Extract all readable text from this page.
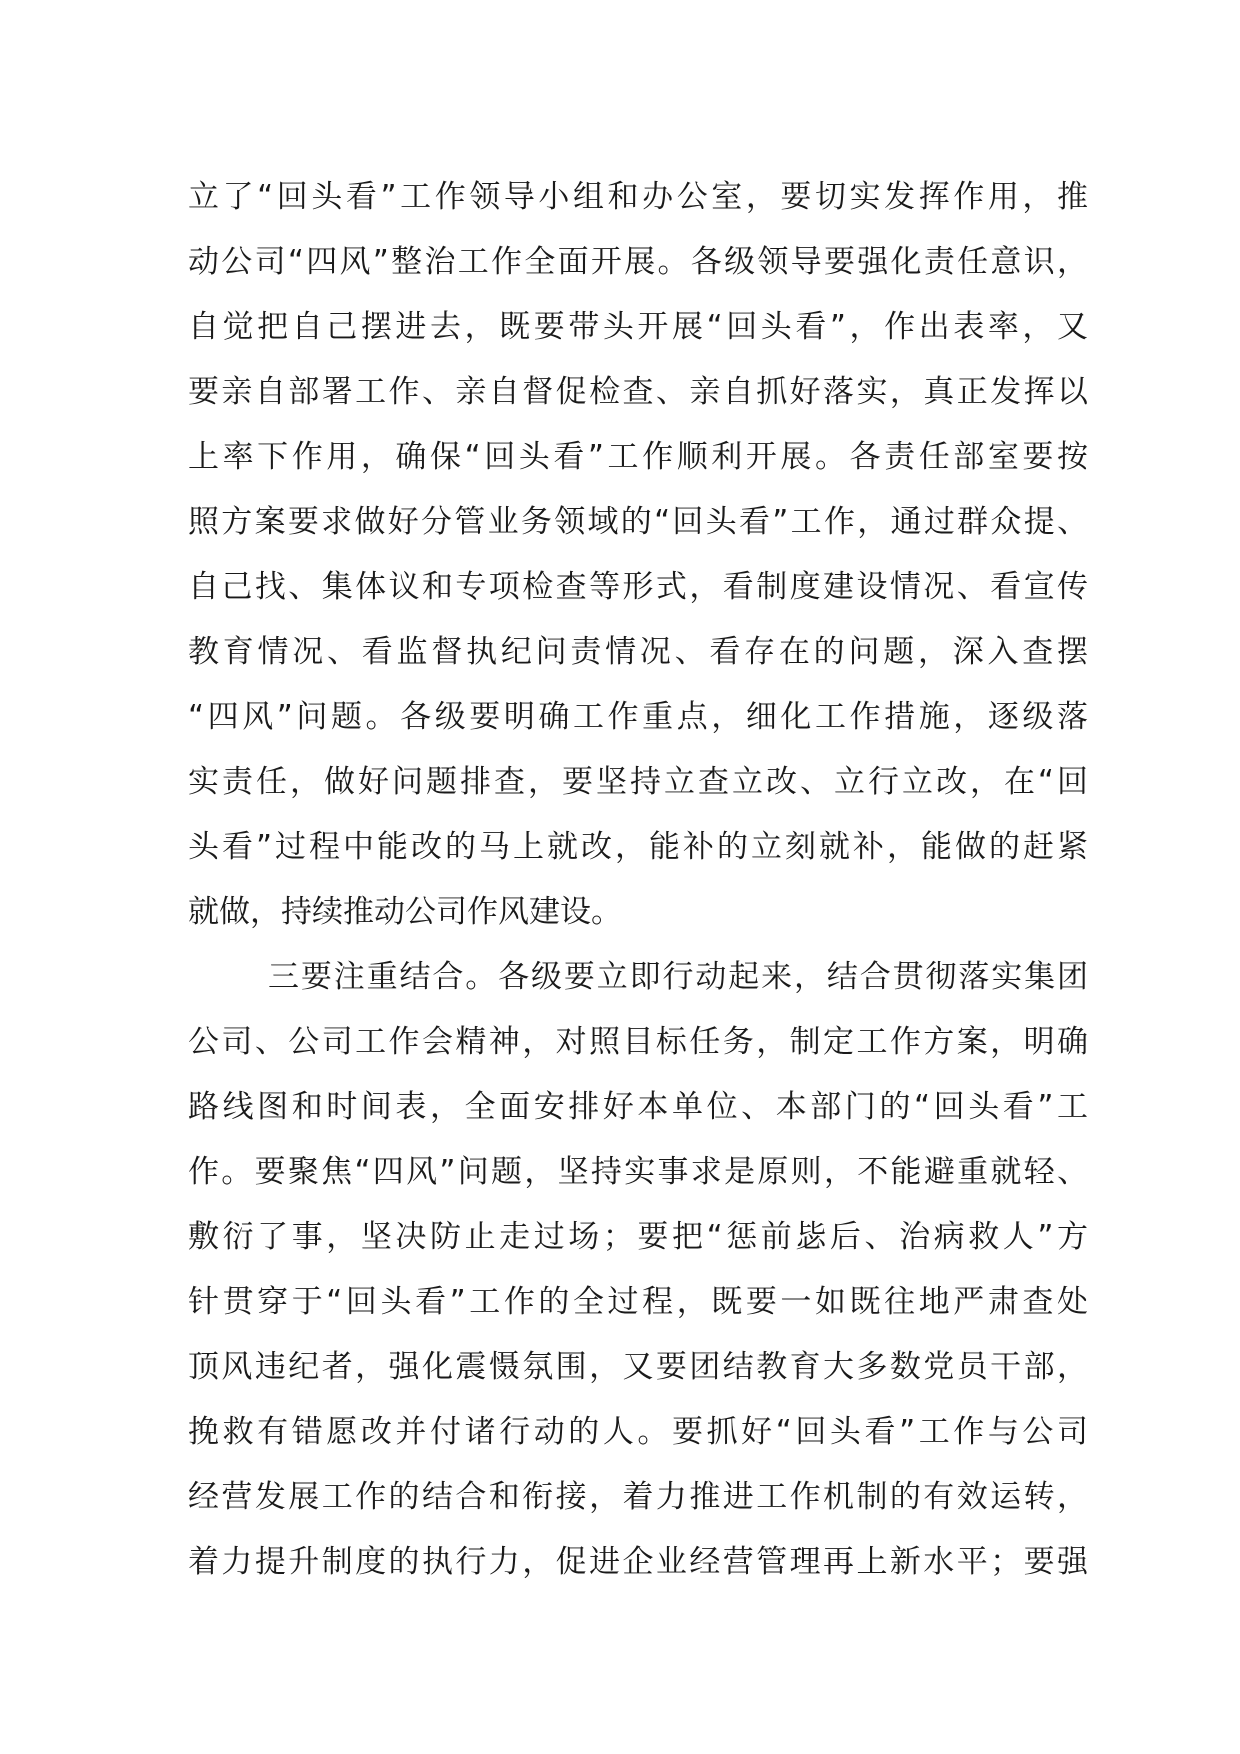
立了“回头看”工作领导小组和办公室，要切实发挥作用，推
动公司“四风”整治工作全面开展。各级领导要强化责任意识，
自觉把自己摆进去，既要带头开展“回头看”，作出表率，又
要亲自部署工作、亲自督促检查、亲自抓好落实，真正发挥以
上率下作用，确保“回头看”工作顺利开展。各责任部室要按
照方案要求做好分管业务领域的“回头看”工作，通过群众提、
自己找、集体议和专项检查等形式，看制度建设情况、看宣传
教育情况、看监督执纪问责情况、看存在的问题，深入查摆
“四风”问题。各级要明确工作重点，细化工作措施，逐级落
实责任，做好问题排查，要坚持立查立改、立行立改，在“回
头看”过程中能改的马上就改，能补的立刻就补，能做的赶紧
就做，持续推动公司作风建设。
三要注重结合。各级要立即行动起来，结合贯彻落实集团
公司、公司工作会精神，对照目标任务，制定工作方案，明确
路线图和时间表，全面安排好本单位、本部门的“回头看”工
作。要聚焦“四风”问题，坚持实事求是原则，不能避重就轻、
敷衍了事，坚决防止走过场；要把“惩前毖后、治病救人”方
针贯穿于“回头看”工作的全过程，既要一如既往地严肃查处
顶风违纪者，强化震慑氛围，又要团结教育大多数党员干部，
挽救有错愿改并付诸行动的人。要抓好“回头看”工作与公司
经营发展工作的结合和衔接，着力推进工作机制的有效运转，
着力提升制度的执行力，促进企业经营管理再上新水平；要强
